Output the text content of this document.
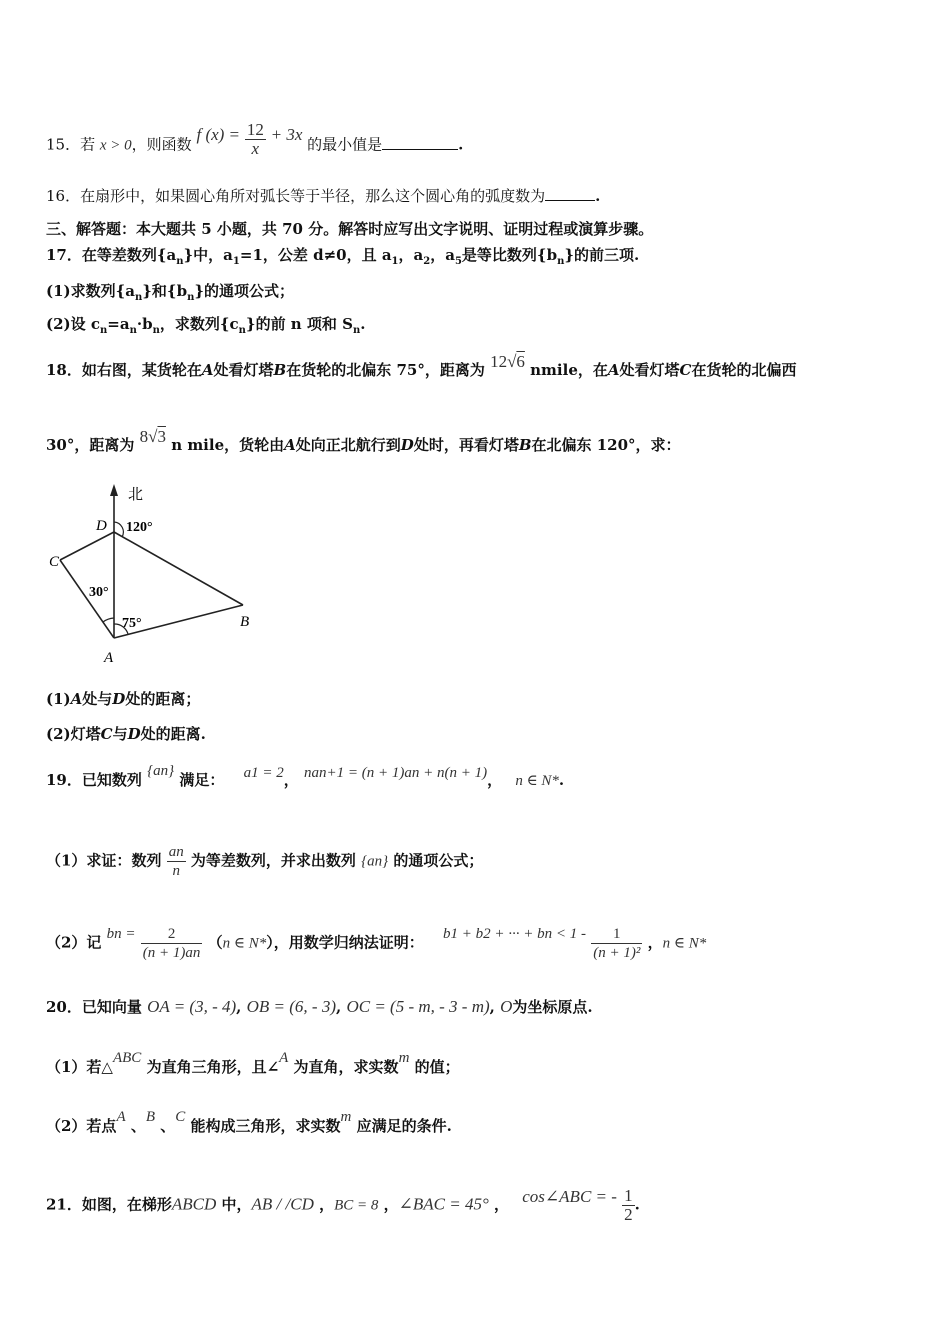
15．若 x > 0，则函数 f $(x) = \frac{12}{x} + 3x$ 的最小值是	.
16．在扇形中，如果圆心角所对弧长等于半径，那么这个圆心角的弧度数为	.
三、解答题：本大题共 5 小题，共 70 分。解答时应写出文字说明、证明过程或演算步骤。
17．在等差数列$\{a_n\}$中，$a_1=1$，公差 d≠0，且 $a_1$，$a_2$，$a_5$是等比数列$\{b_n\}$的前三项.
(1)求数列$\{a_n\}$和$\{b_n\}$的通项公式；
(2)设 $c_n=a_n\cdot b_n$，求数列$\{c_n\}$的前 n 项和 $S_n$.
18．如右图，某货轮在A处看灯塔B在货轮的北偏东 75°，距离为 12√6 nmile，在A处看灯塔C在货轮的北偏西
30°，距离为 8√3 n mile，货轮由A处向正北航行到D处时，再看灯塔B在北偏东 120°，求：
北
D 120°
C
30°
75°
A
B
(1)A处与D处的距离；
(2)灯塔C与D处的距离.
19．已知数列 {an} 满足： a1 = 2， nan+1 = (n + 1)an + n(n + 1)， n ∈ N*.
（1）求证：数列 $\frac{an}{n}$ 为等差数列，并求出数列 {an} 的通项公式；
（2）记 bn = $\frac{2}{(n + 1)an} (n$ ∈ N*），用数学归纳法证明： b1 + b2 + ··· + bn < $1 - \frac{1}{\text{(n + 1)²}}$ ，n ∈ N*
20．已知向量 OA = (3, - 4), OB = (6, - 3), OC = (5 - m, - 3 - m), O为坐标原点.
（1）若△ABC 为直角三角形，且∠A 为直角，求实数m 的值；
（2）若点A 、B 、C 能构成三角形，求实数m 应满足的条件.
21．如图，在梯形ABCD 中，AB / /CD ，BC = 8 ，∠BAC = 45° ， cos∠ABC = - $\frac{1}{2}$ .
